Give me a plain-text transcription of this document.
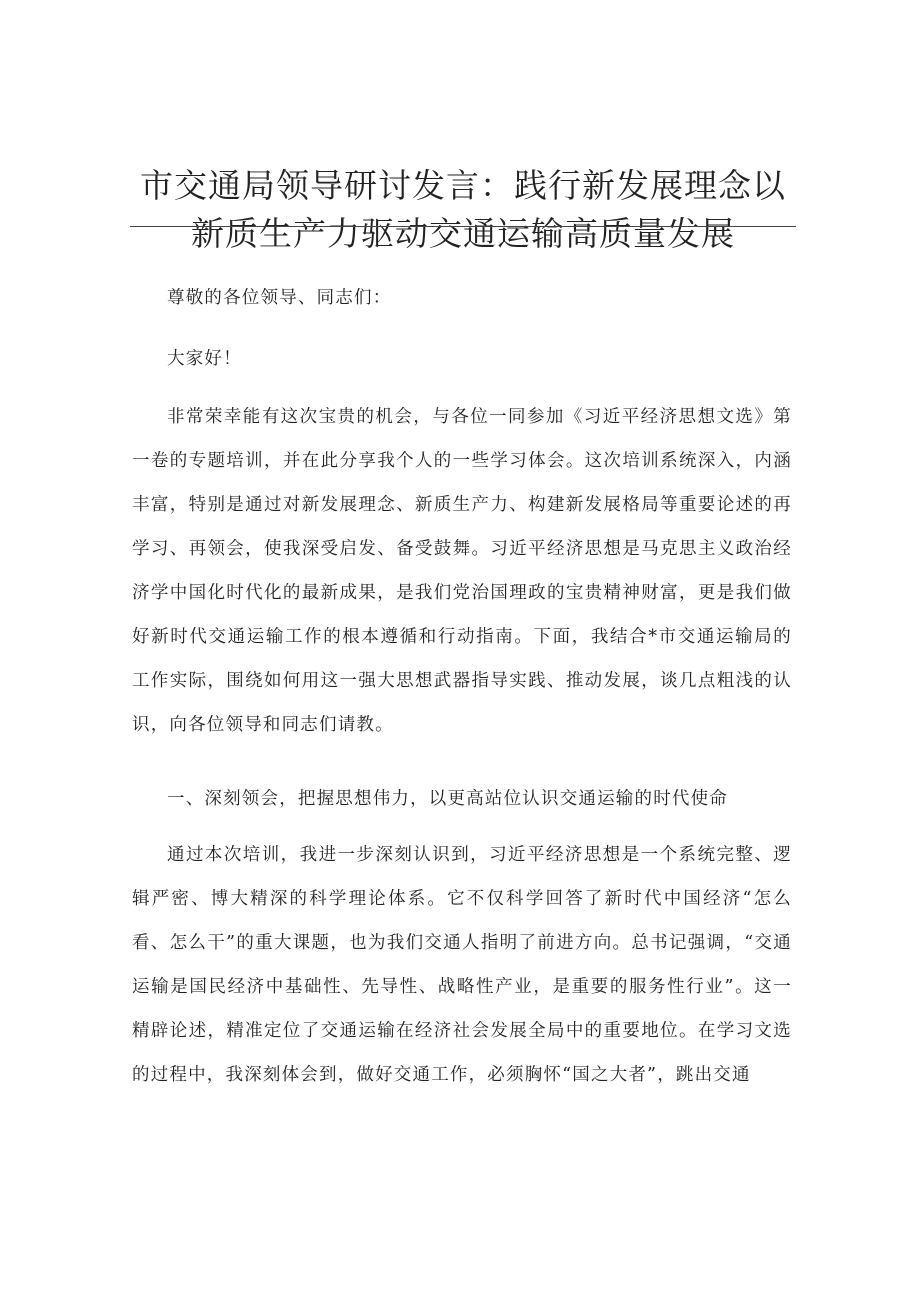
市交通局领导研讨发言：践行新发展理念以
新质生产力驱动交通运输高质量发展

尊敬的各位领导、同志们：

大家好！

非常荣幸能有这次宝贵的机会，与各位一同参加《习近平经济思想文选》第一卷的专题培训，并在此分享我个人的一些学习体会。这次培训系统深入，内涵丰富，特别是通过对新发展理念、新质生产力、构建新发展格局等重要论述的再学习、再领会，使我深受启发、备受鼓舞。习近平经济思想是马克思主义政治经济学中国化时代化的最新成果，是我们党治国理政的宝贵精神财富，更是我们做好新时代交通运输工作的根本遵循和行动指南。下面，我结合*市交通运输局的工作实际，围绕如何用这一强大思想武器指导实践、推动发展，谈几点粗浅的认识，向各位领导和同志们请教。

一、深刻领会，把握思想伟力，以更高站位认识交通运输的时代使命

通过本次培训，我进一步深刻认识到，习近平经济思想是一个系统完整、逻辑严密、博大精深的科学理论体系。它不仅科学回答了新时代中国经济“怎么看、怎么干”的重大课题，也为我们交通人指明了前进方向。总书记强调，“交通运输是国民经济中基础性、先导性、战略性产业，是重要的服务性行业”。这一精辟论述，精准定位了交通运输在经济社会发展全局中的重要地位。在学习文选的过程中，我深刻体会到，做好交通工作，必须胸怀“国之大者”，跳出交通
